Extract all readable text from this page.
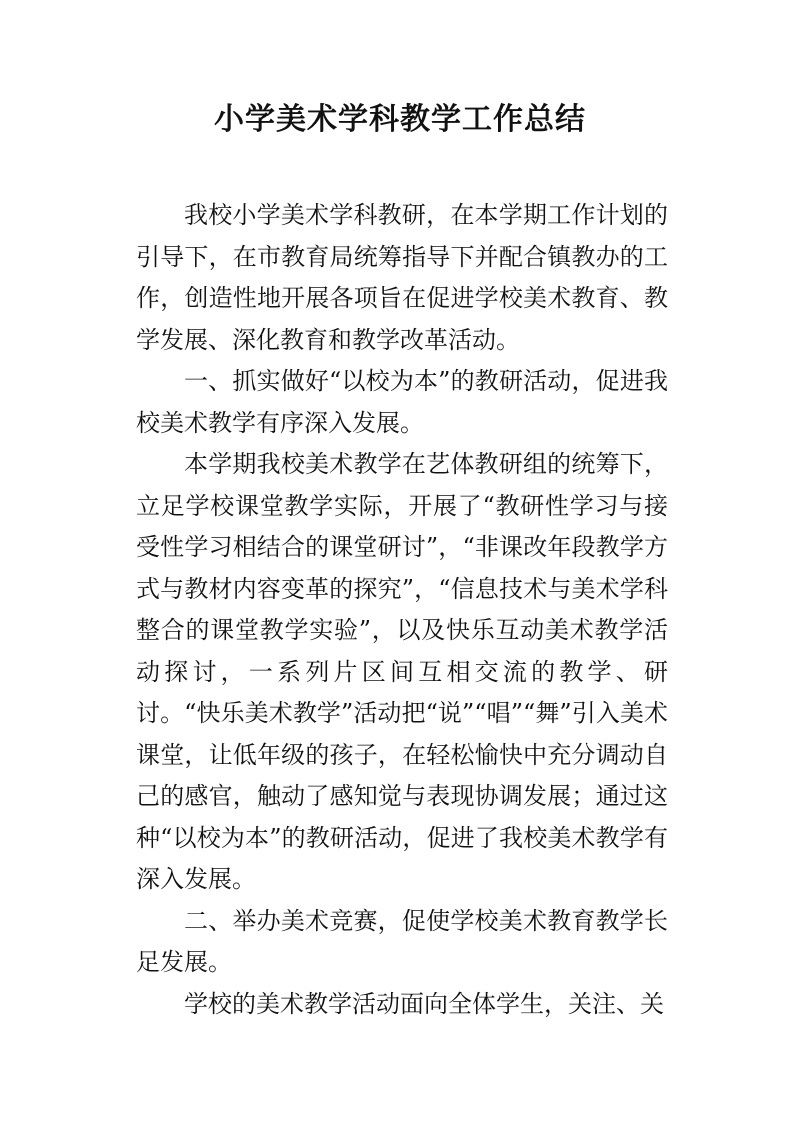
小学美术学科教学工作总结

我校小学美术学科教研，在本学期工作计划的引导下，在市教育局统筹指导下并配合镇教办的工作，创造性地开展各项旨在促进学校美术教育、教学发展、深化教育和教学改革活动。

一、抓实做好“以校为本”的教研活动，促进我校美术教学有序深入发展。

本学期我校美术教学在艺体教研组的统筹下，立足学校课堂教学实际，开展了“教研性学习与接受性学习相结合的课堂研讨”，“非课改年段教学方式与教材内容变革的探究”，“信息技术与美术学科整合的课堂教学实验”，以及快乐互动美术教学活动探讨，一系列片区间互相交流的教学、研讨。“快乐美术教学”活动把“说”“唱”“舞”引入美术课堂，让低年级的孩子，在轻松愉快中充分调动自己的感官，触动了感知觉与表现协调发展；通过这种“以校为本”的教研活动，促进了我校美术教学有深入发展。

二、举办美术竞赛，促使学校美术教育教学长足发展。

学校的美术教学活动面向全体学生，关注、关
